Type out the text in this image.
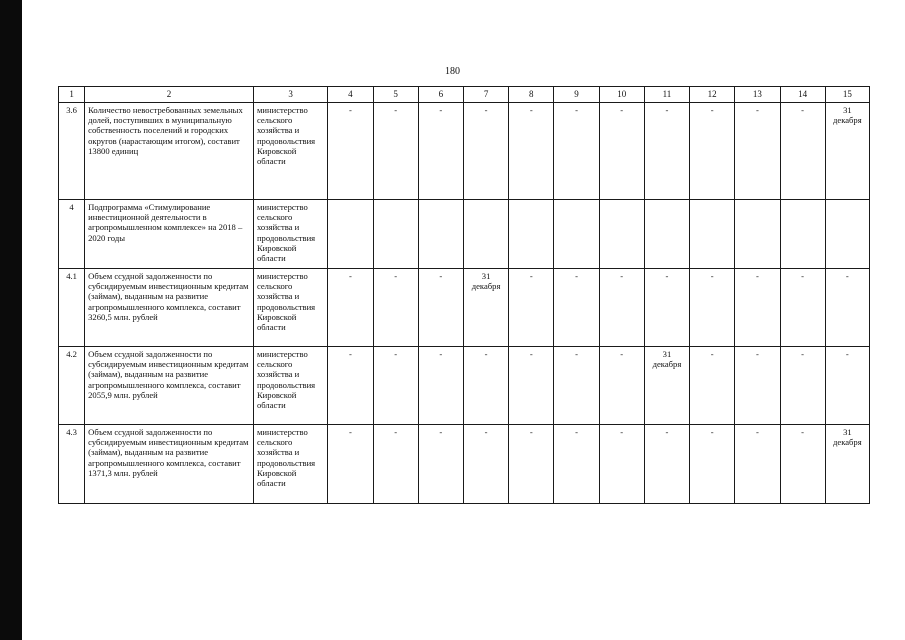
180
1	2	3	4	5	6	7	8	9	10	11	12	13	14	15
3.6	Количество невостребованных земельных долей, поступивших в муниципальную собственность поселений и городских округов (нарастающим итогом), составит 13800 единиц	министерство сельского хозяйства и продовольствия Кировской области	-	-	-	-	-	-	-	-	-	-	-	31 декабря
4	Подпрограмма «Стимулирование инвестиционной деятельности в агропромышленном комплексе» на 2018 – 2020 годы	министерство сельского хозяйства и продовольствия Кировской области												
4.1	Объем ссудной задолженности по субсидируемым инвестиционным кредитам (займам), выданным на развитие агропромышленного комплекса, составит 3260,5 млн. рублей	министерство сельского хозяйства и продовольствия Кировской области	-	-	-	31 декабря	-	-	-	-	-	-	-	-
4.2	Объем ссудной задолженности по субсидируемым инвестиционным кредитам (займам), выданным на развитие агропромышленного комплекса, составит 2055,9 млн. рублей	министерство сельского хозяйства и продовольствия Кировской области	-	-	-	-	-	-	-	31 декабря	-	-	-	-
4.3	Объем ссудной задолженности по субсидируемым инвестиционным кредитам (займам), выданным на развитие агропромышленного комплекса, составит 1371,3 млн. рублей	министерство сельского хозяйства и продовольствия Кировской области	-	-	-	-	-	-	-	-	-	-	-	31 декабря
